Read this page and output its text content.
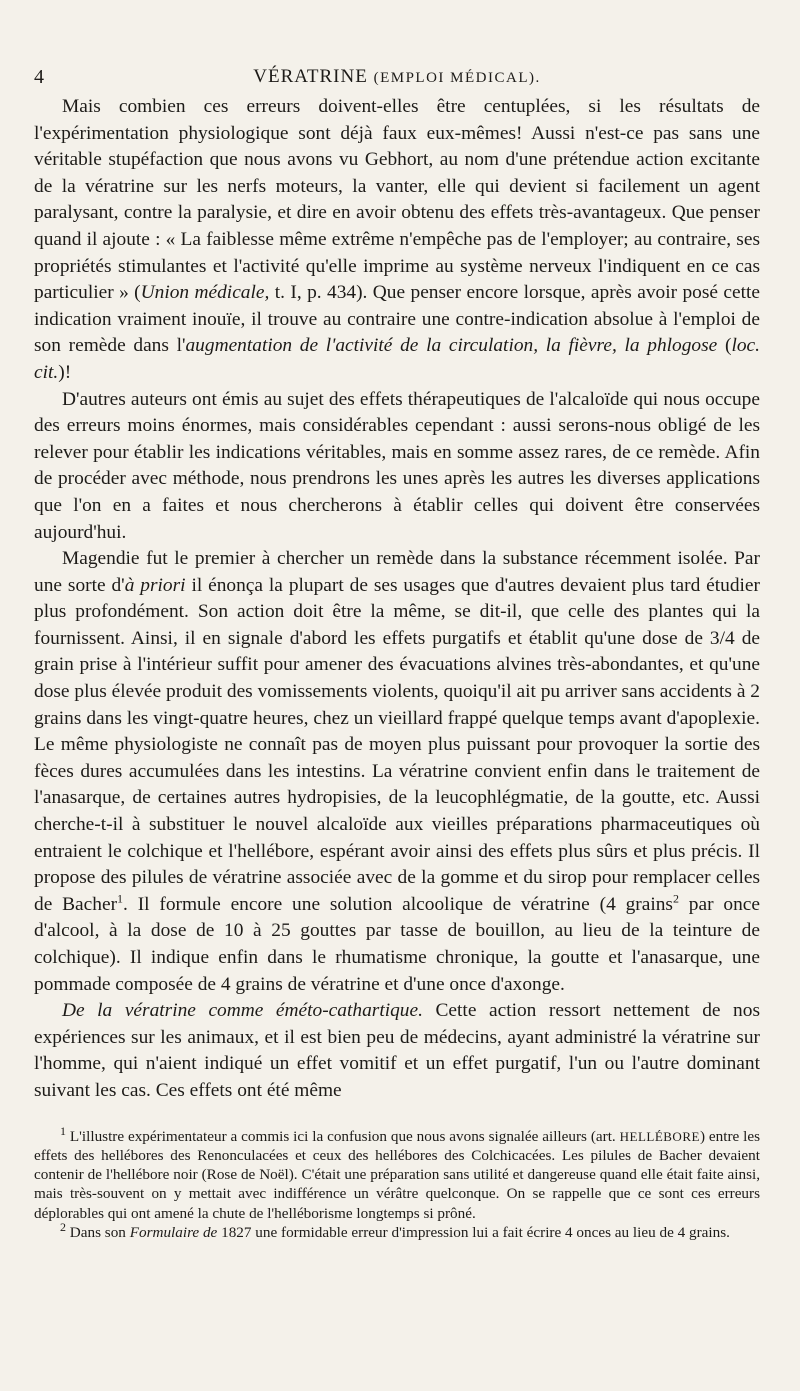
4	VÉRATRINE (EMPLOI MÉDICAL).

Mais combien ces erreurs doivent-elles être centuplées, si les résultats de l'expérimentation physiologique sont déjà faux eux-mêmes! Aussi n'est-ce pas sans une véritable stupéfaction que nous avons vu Gebhort, au nom d'une prétendue action excitante de la vératrine sur les nerfs moteurs, la vanter, elle qui devient si facilement un agent paralysant, contre la paralysie, et dire en avoir obtenu des effets très-avantageux. Que penser quand il ajoute : « La faiblesse même extrême n'empêche pas de l'employer; au contraire, ses propriétés stimulantes et l'activité qu'elle imprime au système nerveux l'indiquent en ce cas particulier » (Union médicale, t. I, p. 434). Que penser encore lorsque, après avoir posé cette indication vraiment inouïe, il trouve au contraire une contre-indication absolue à l'emploi de son remède dans l'augmentation de l'activité de la circulation, la fièvre, la phlogose (loc. cit.)!

D'autres auteurs ont émis au sujet des effets thérapeutiques de l'alcaloïde qui nous occupe des erreurs moins énormes, mais considérables cependant : aussi serons-nous obligé de les relever pour établir les indications véritables, mais en somme assez rares, de ce remède. Afin de procéder avec méthode, nous prendrons les unes après les autres les diverses applications que l'on en a faites et nous chercherons à établir celles qui doivent être conservées aujourd'hui.

Magendie fut le premier à chercher un remède dans la substance récemment isolée. Par une sorte d'à priori il énonça la plupart de ses usages que d'autres devaient plus tard étudier plus profondément. Son action doit être la même, se dit-il, que celle des plantes qui la fournissent. Ainsi, il en signale d'abord les effets purgatifs et établit qu'une dose de 3/4 de grain prise à l'intérieur suffit pour amener des évacuations alvines très-abondantes, et qu'une dose plus élevée produit des vomissements violents, quoiqu'il ait pu arriver sans accidents à 2 grains dans les vingt-quatre heures, chez un vieillard frappé quelque temps avant d'apoplexie. Le même physiologiste ne connaît pas de moyen plus puissant pour provoquer la sortie des fèces dures accumulées dans les intestins. La vératrine convient enfin dans le traitement de l'anasarque, de certaines autres hydropisies, de la leucophlégmatie, de la goutte, etc. Aussi cherche-t-il à substituer le nouvel alcaloïde aux vieilles préparations pharmaceutiques où entraient le colchique et l'hellébore, espérant avoir ainsi des effets plus sûrs et plus précis. Il propose des pilules de vératrine associée avec de la gomme et du sirop pour remplacer celles de Bacher$^1$. Il formule encore une solution alcoolique de vératrine (4 grains$^2$ par once d'alcool, à la dose de 10 à 25 gouttes par tasse de bouillon, au lieu de la teinture de colchique). Il indique enfin dans le rhumatisme chronique, la goutte et l'anasarque, une pommade composée de 4 grains de vératrine et d'une once d'axonge.

De la vératrine comme éméto-cathartique. Cette action ressort nettement de nos expériences sur les animaux, et il est bien peu de médecins, ayant administré la vératrine sur l'homme, qui n'aient indiqué un effet vomitif et un effet purgatif, l'un ou l'autre dominant suivant les cas. Ces effets ont été même

$^1$ L'illustre expérimentateur a commis ici la confusion que nous avons signalée ailleurs (art. HELLÉBORE) entre les effets des hellébores des Renonculacées et ceux des hellébores des Colchicacées. Les pilules de Bacher devaient contenir de l'hellébore noir (Rose de Noël). C'était une préparation sans utilité et dangereuse quand elle était faite ainsi, mais très-souvent on y mettait avec indifférence un vérâtre quelconque. On se rappelle que ce sont ces erreurs déplorables qui ont amené la chute de l'helléborisme longtemps si prôné.

$^2$ Dans son Formulaire de 1827 une formidable erreur d'impression lui a fait écrire 4 onces au lieu de 4 grains.
